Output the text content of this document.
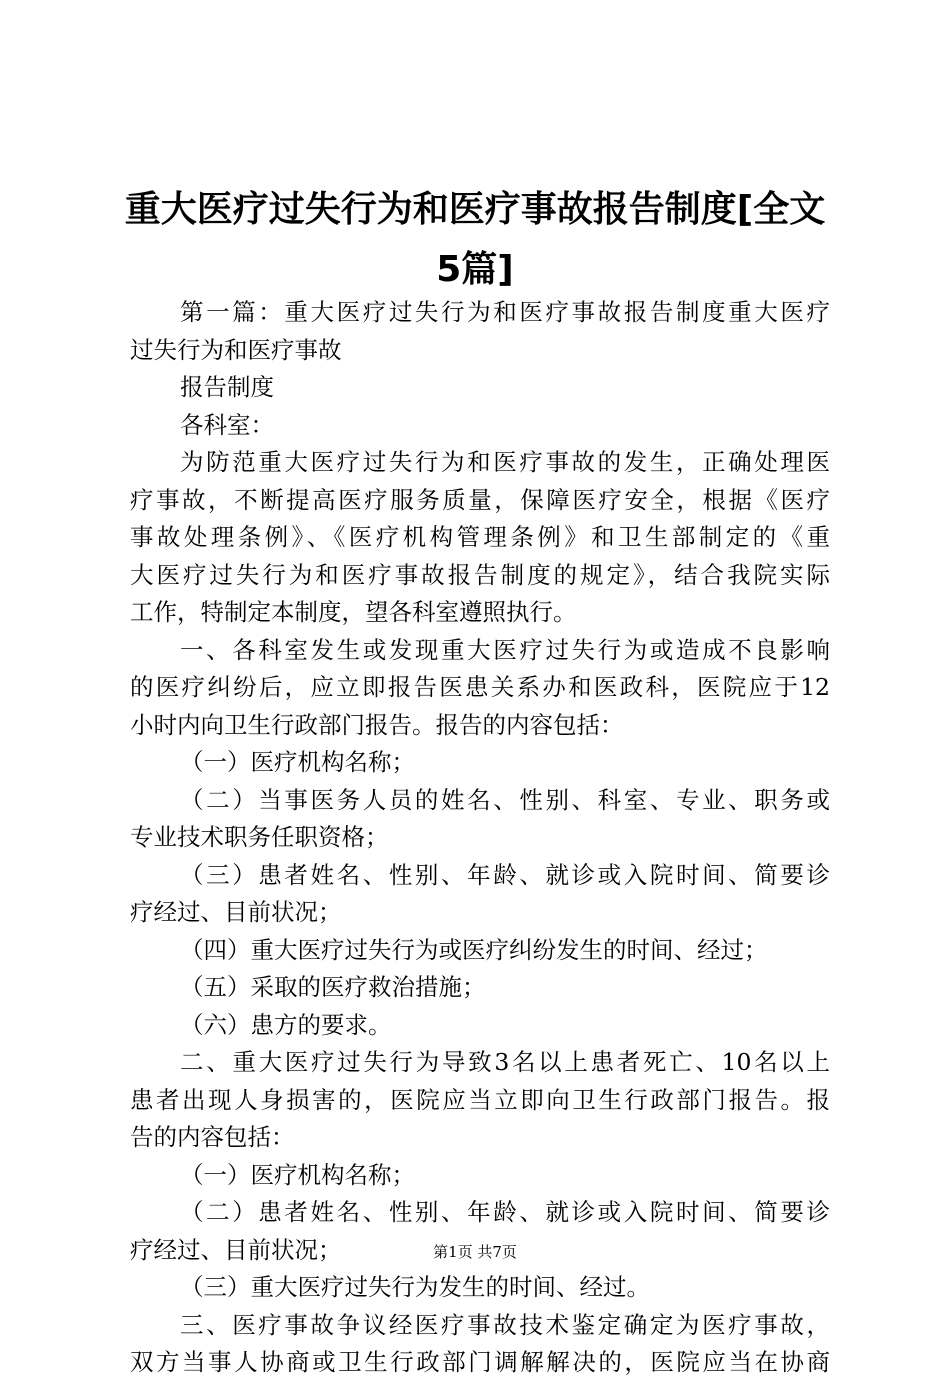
重大医疗过失行为和医疗事故报告制度[全文
5篇]
第一篇：重大医疗过失行为和医疗事故报告制度重大医疗
过失行为和医疗事故
报告制度
各科室：
为防范重大医疗过失行为和医疗事故的发生，正确处理医
疗事故，不断提高医疗服务质量，保障医疗安全，根据《医疗
事故处理条例》、《医疗机构管理条例》和卫生部制定的《重
大医疗过失行为和医疗事故报告制度的规定》，结合我院实际
工作，特制定本制度，望各科室遵照执行。
一、各科室发生或发现重大医疗过失行为或造成不良影响
的医疗纠纷后，应立即报告医患关系办和医政科，医院应于12
小时内向卫生行政部门报告。报告的内容包括：
（一）医疗机构名称；
（二）当事医务人员的姓名、性别、科室、专业、职务或
专业技术职务任职资格；
（三）患者姓名、性别、年龄、就诊或入院时间、简要诊
疗经过、目前状况；
（四）重大医疗过失行为或医疗纠纷发生的时间、经过；
（五）采取的医疗救治措施；
（六）患方的要求。
二、重大医疗过失行为导致3名以上患者死亡、10名以上
患者出现人身损害的，医院应当立即向卫生行政部门报告。报
告的内容包括：
（一）医疗机构名称；
（二）患者姓名、性别、年龄、就诊或入院时间、简要诊
疗经过、目前状况；
（三）重大医疗过失行为发生的时间、经过。
三、医疗事故争议经医疗事故技术鉴定确定为医疗事故，
双方当事人协商或卫生行政部门调解解决的，医院应当在协商
第1页 共7页
